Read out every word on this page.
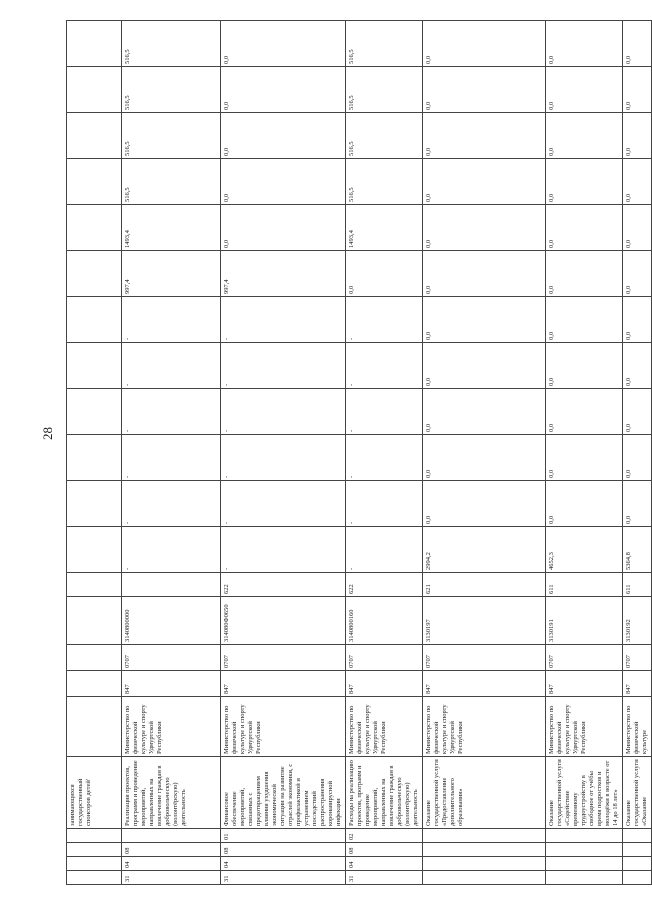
28
				занимающихся государственный спонсоров детей'																	
31	04	08		Реализация проектов, программ и проведение мероприятий, направленных на вовлечение граждан в добровольческую (волонтёрскую) деятельность	Министерство по физической культуре и спорту Удмуртской Республики	847	0707	3140800000		-	-	-	-	-	-	997,4	1493,4	516,5	516,5	516,5	516,5
31	04	08	01	Финансовое обеспечение мероприятий, связанных с предотвращением влияния ухудшения экономической ситуации на развитие отраслей экономики, с профилактикой и устранением последствий распространения коронавирусной инфекции	Министерство по физической культуре и спорту Удмуртской Республики	847	0707	314080Ф0650	622	-	-	-	-	-	-	997,4	0,0	0,0	0,0	0,0	0,0
31	04	08	02	Расходы на реализацию проектов, программ и проведение мероприятий, направленных на вовлечение граждан в добровольческую (волонтёрскую) деятельность	Министерство по физической культуре и спорту Удмуртской Республики	847	0707	3140800160	622	-	-	-	-	-	-	0,0	1493,4	516,5	516,5	516,5	516,5
				Оказание государственной услуги «Предоставление дополнительного образования»	Министерство по физической культуре и спорту Удмуртской Республики	847	0707	3130197	621	2994,2	0,0	0,0	0,0	0,0	0,0	0,0	0,0	0,0	0,0	0,0	0,0
				Оказание государственной услуги «Содействие временному трудоустройству в свободное от учёбы время подростков и молодёжи в возрасте от 14 до 18 лет»	Министерство по физической культуре и спорту Удмуртской Республики	847	0707	3130191	611	4652,3	0,0	0,0	0,0	0,0	0,0	0,0	0,0	0,0	0,0	0,0	0,0
				Оказание государственной услуги «Оказание	Министерство по физической культуре	847	0707	3130192	611	5364,8	0,0	0,0	0,0	0,0	0,0	0,0	0,0	0,0	0,0	0,0	0,0
